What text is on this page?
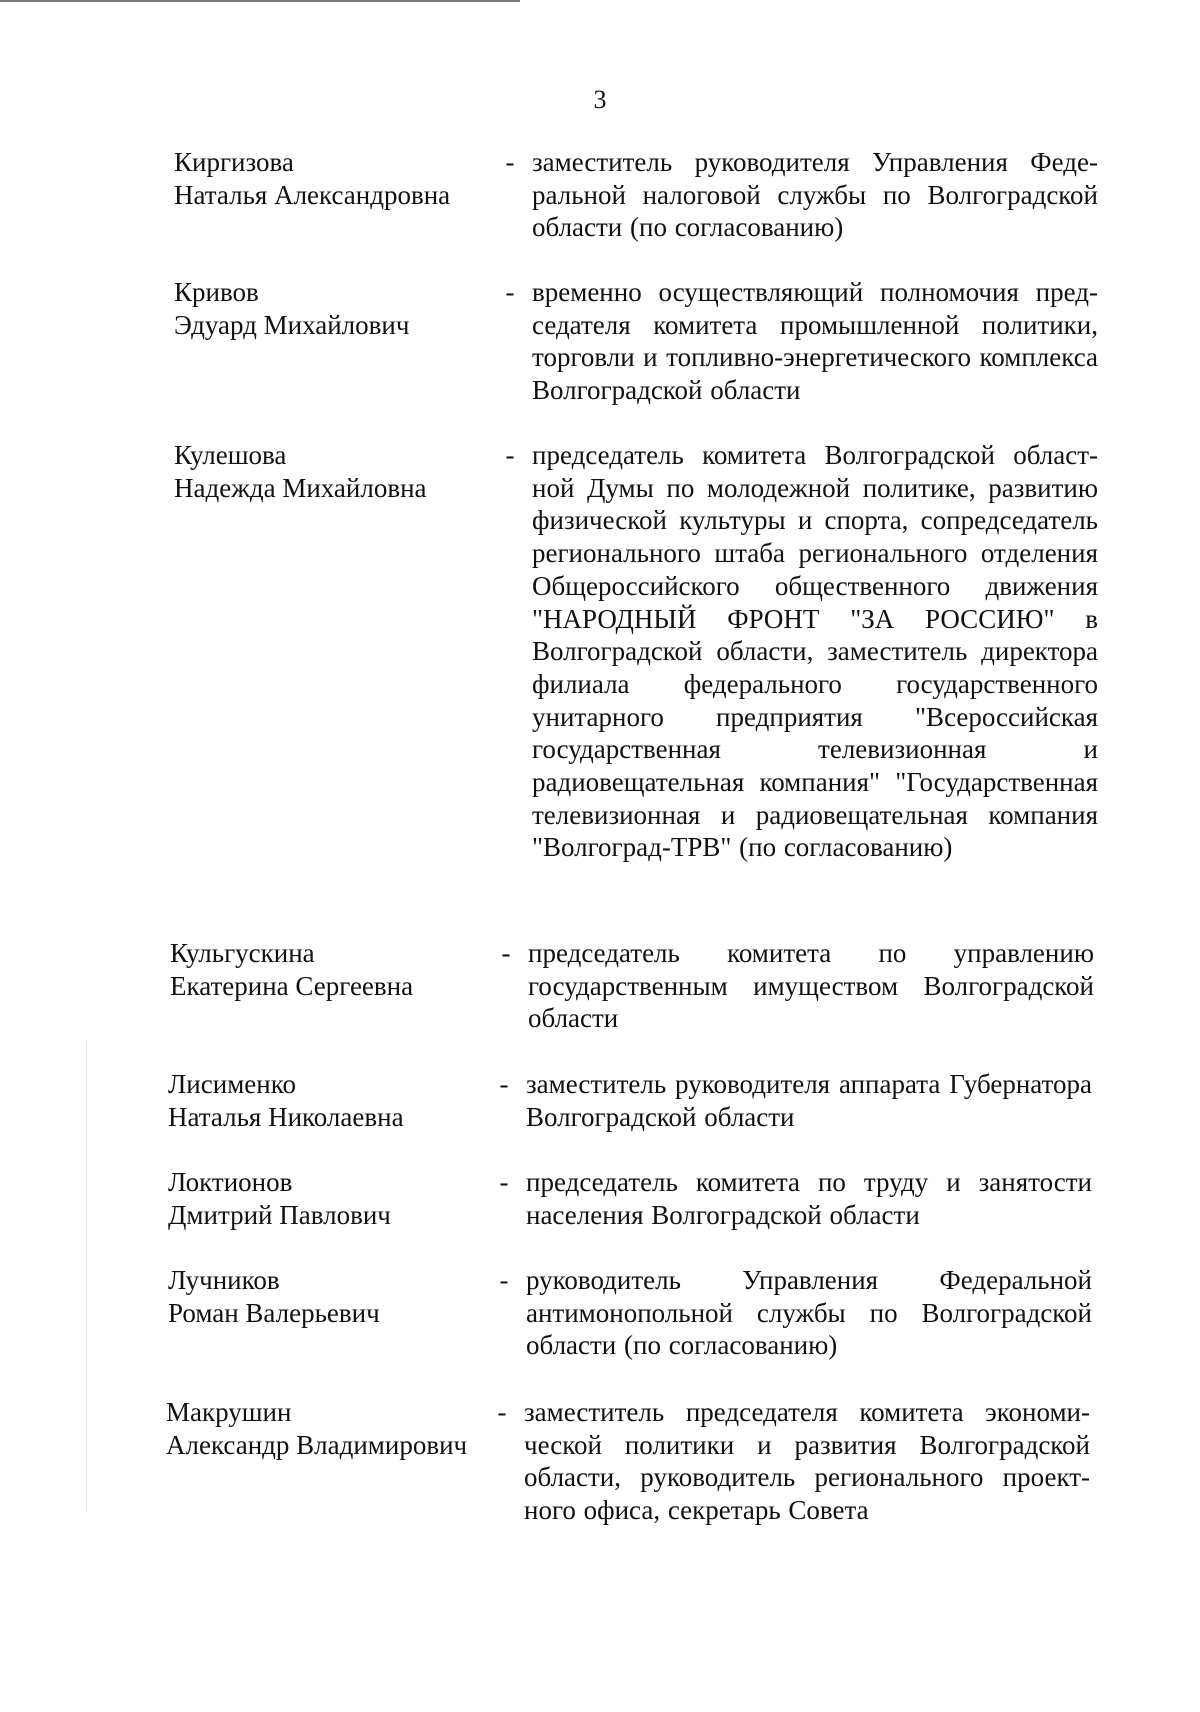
3
Киргизова
Наталья Александровна
- заместитель руководителя Управления Федеральной налоговой службы по Волгоградской области (по согласованию)
Кривов
Эдуард Михайлович
- временно осуществляющий полномочия председателя комитета промышленной политики, торговли и топливно-энергетического комплекса Волгоградской области
Кулешова
Надежда Михайловна
- председатель комитета Волгоградской областной Думы по молодежной политике, развитию физической культуры и спорта, сопредседатель регионального штаба регионального отделения Общероссийского общественного движения "НАРОДНЫЙ ФРОНТ "ЗА РОССИЮ" в Волгоградской области, заместитель директора филиала федерального государственного унитарного предприятия "Всероссийская государственная телевизионная и радиовещательная компания" "Государственная телевизионная и радиовещательная компания "Волгоград-ТРВ" (по согласованию)
Кульгускина
Екатерина Сергеевна
- председатель комитета по управлению государственным имуществом Волгоградской области
Лисименко
Наталья Николаевна
- заместитель руководителя аппарата Губернатора Волгоградской области
Локтионов
Дмитрий Павлович
- председатель комитета по труду и занятости населения Волгоградской области
Лучников
Роман Валерьевич
- руководитель Управления Федеральной антимонопольной службы по Волгоградской области (по согласованию)
Макрушин
Александр Владимирович
- заместитель председателя комитета экономической политики и развития Волгоградской области, руководитель регионального проектного офиса, секретарь Совета
